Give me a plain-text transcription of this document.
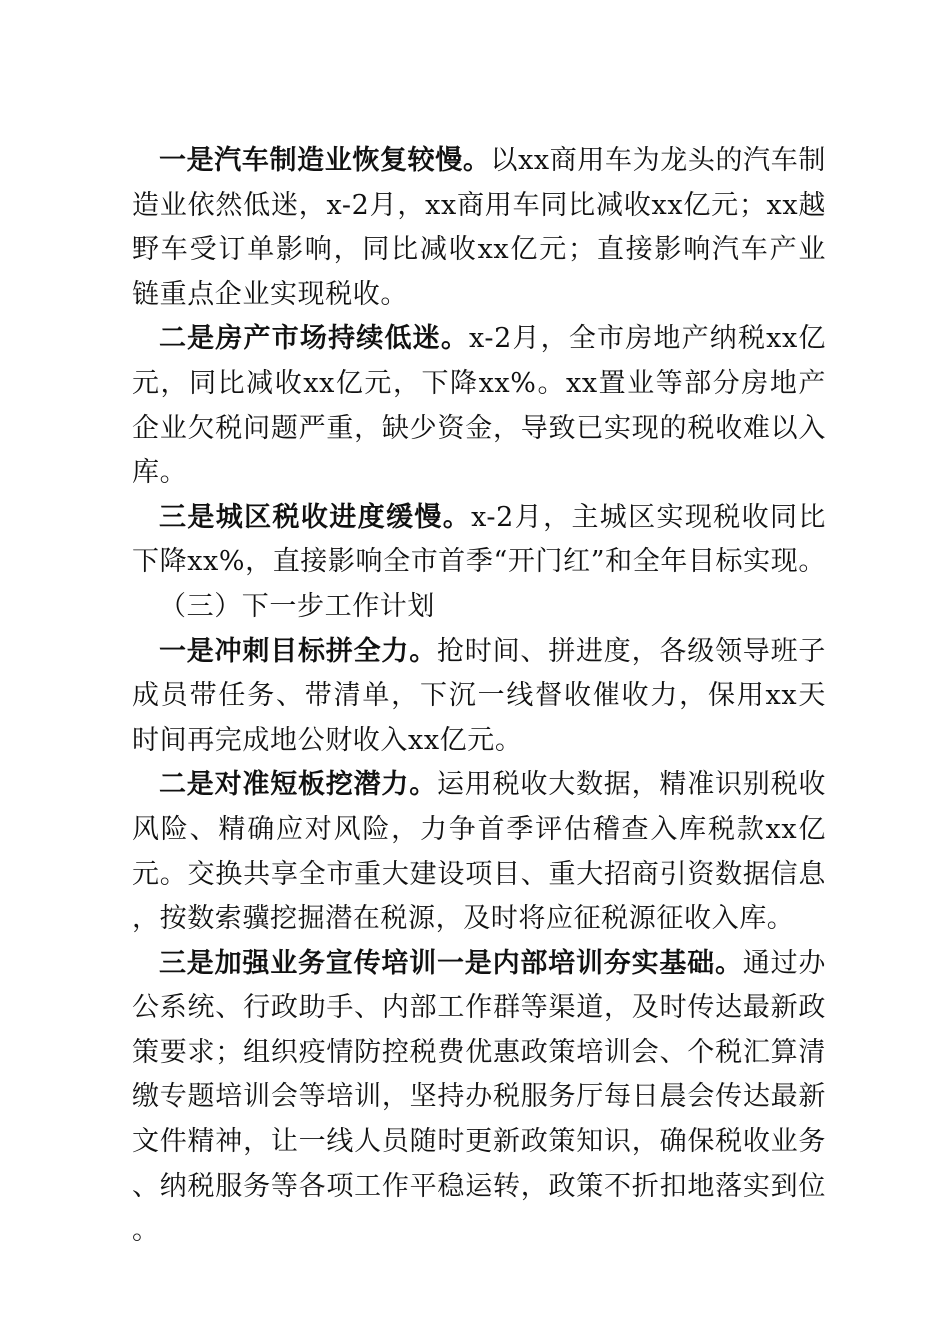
一是汽车制造业恢复较慢。以xx商用车为龙头的汽车制造业依然低迷，x-2月，xx商用车同比减收xx亿元；xx越野车受订单影响，同比减收xx亿元；直接影响汽车产业链重点企业实现税收。

二是房产市场持续低迷。x-2月，全市房地产纳税xx亿元，同比减收xx亿元，下降xx%。xx置业等部分房地产企业欠税问题严重，缺少资金，导致已实现的税收难以入库。

三是城区税收进度缓慢。x-2月，主城区实现税收同比下降xx%，直接影响全市首季“开门红”和全年目标实现。

（三）下一步工作计划

一是冲刺目标拼全力。抢时间、拼进度，各级领导班子成员带任务、带清单，下沉一线督收催收力，保用xx天时间再完成地公财收入xx亿元。

二是对准短板挖潜力。运用税收大数据，精准识别税收风险、精确应对风险，力争首季评估稽查入库税款xx亿元。交换共享全市重大建设项目、重大招商引资数据信息，按数索骥挖掘潜在税源，及时将应征税源征收入库。

三是加强业务宣传培训一是内部培训夯实基础。通过办公系统、行政助手、内部工作群等渠道，及时传达最新政策要求；组织疫情防控税费优惠政策培训会、个税汇算清缴专题培训会等培训，坚持办税服务厅每日晨会传达最新文件精神，让一线人员随时更新政策知识，确保税收业务、纳税服务等各项工作平稳运转，政策不折扣地落实到位。
